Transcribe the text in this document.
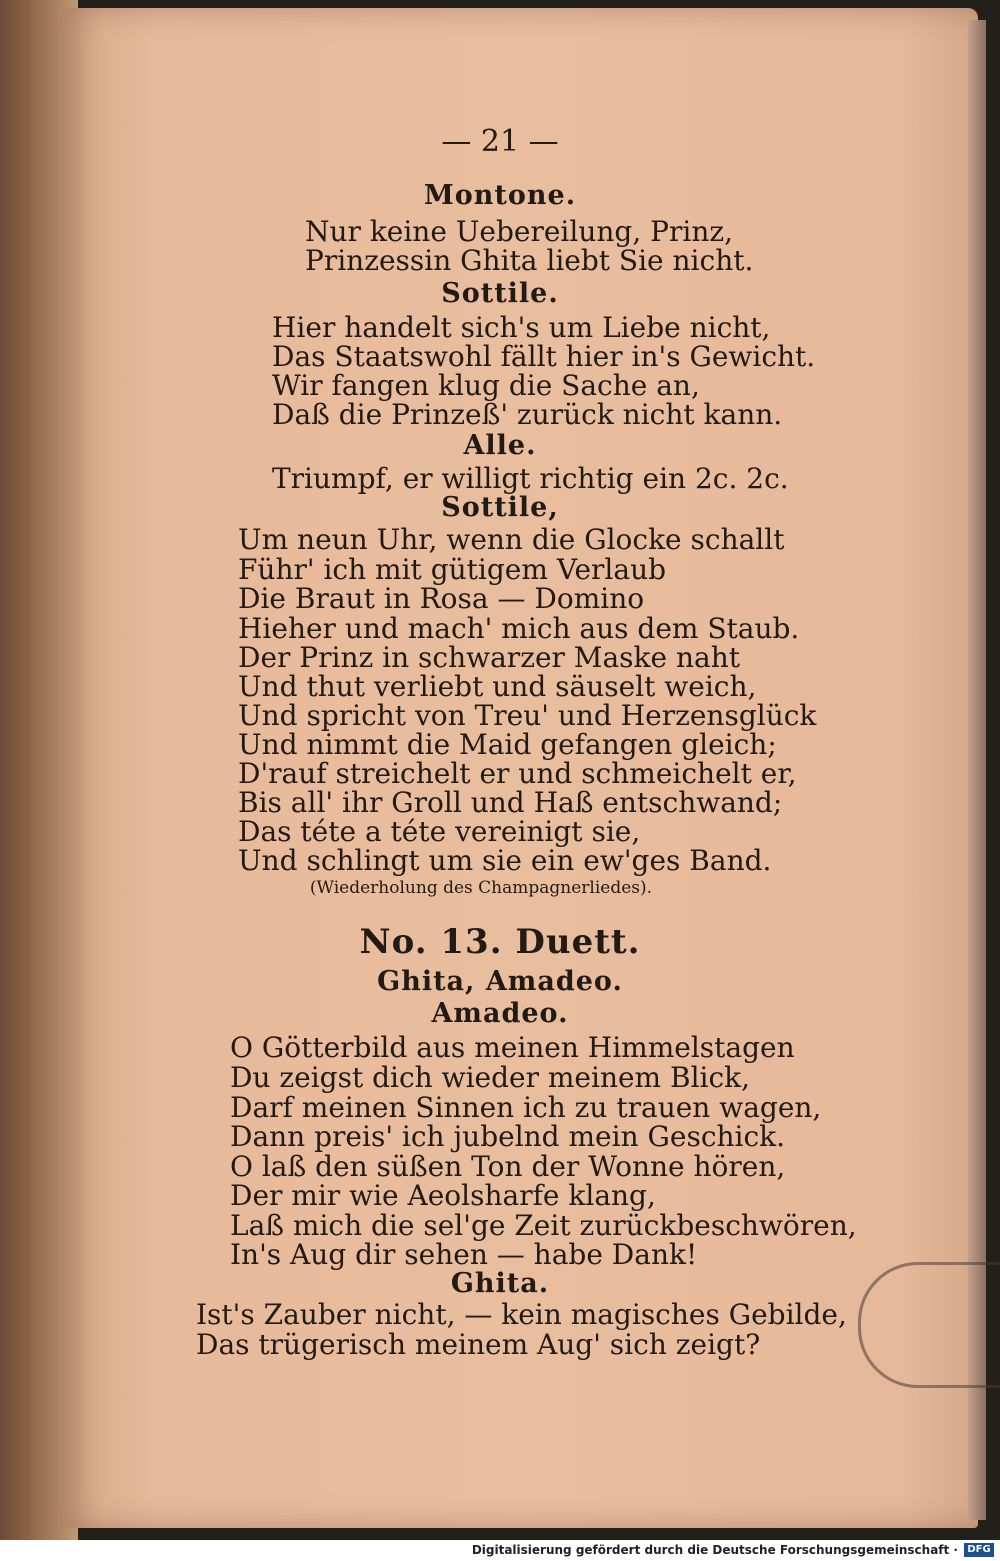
— 21 —
Montone.
Nur keine Uebereilung, Prinz,
Prinzessin Ghita liebt Sie nicht.
Sottile.
Hier handelt sich's um Liebe nicht,
Das Staatswohl fällt hier in's Gewicht.
Wir fangen klug die Sache an,
Daß die Prinzeß' zurück nicht kann.
Alle.
Triumpf, er willigt richtig ein 2c. 2c.
Sottile,
Um neun Uhr, wenn die Glocke schallt
Führ' ich mit gütigem Verlaub
Die Braut in Rosa — Domino
Hieher und mach' mich aus dem Staub.
Der Prinz in schwarzer Maske naht
Und thut verliebt und säuselt weich,
Und spricht von Treu' und Herzensglück
Und nimmt die Maid gefangen gleich;
D'rauf streichelt er und schmeichelt er,
Bis all' ihr Groll und Haß entschwand;
Das téte a téte vereinigt sie,
Und schlingt um sie ein ew'ges Band.
(Wiederholung des Champagnerliedes).
No. 13. Duett.
Ghita, Amadeo.
Amadeo.
O Götterbild aus meinen Himmelstagen
Du zeigst dich wieder meinem Blick,
Darf meinen Sinnen ich zu trauen wagen,
Dann preis' ich jubelnd mein Geschick.
O laß den süßen Ton der Wonne hören,
Der mir wie Aeolsharfe klang,
Laß mich die sel'ge Zeit zurückbeschwören,
In's Aug dir sehen — habe Dank!
Ghita.
Ist's Zauber nicht, — kein magisches Gebilde,
Das trügerisch meinem Aug' sich zeigt?
Digitalisierung gefördert durch die Deutsche Forschungsgemeinschaft · DFG
